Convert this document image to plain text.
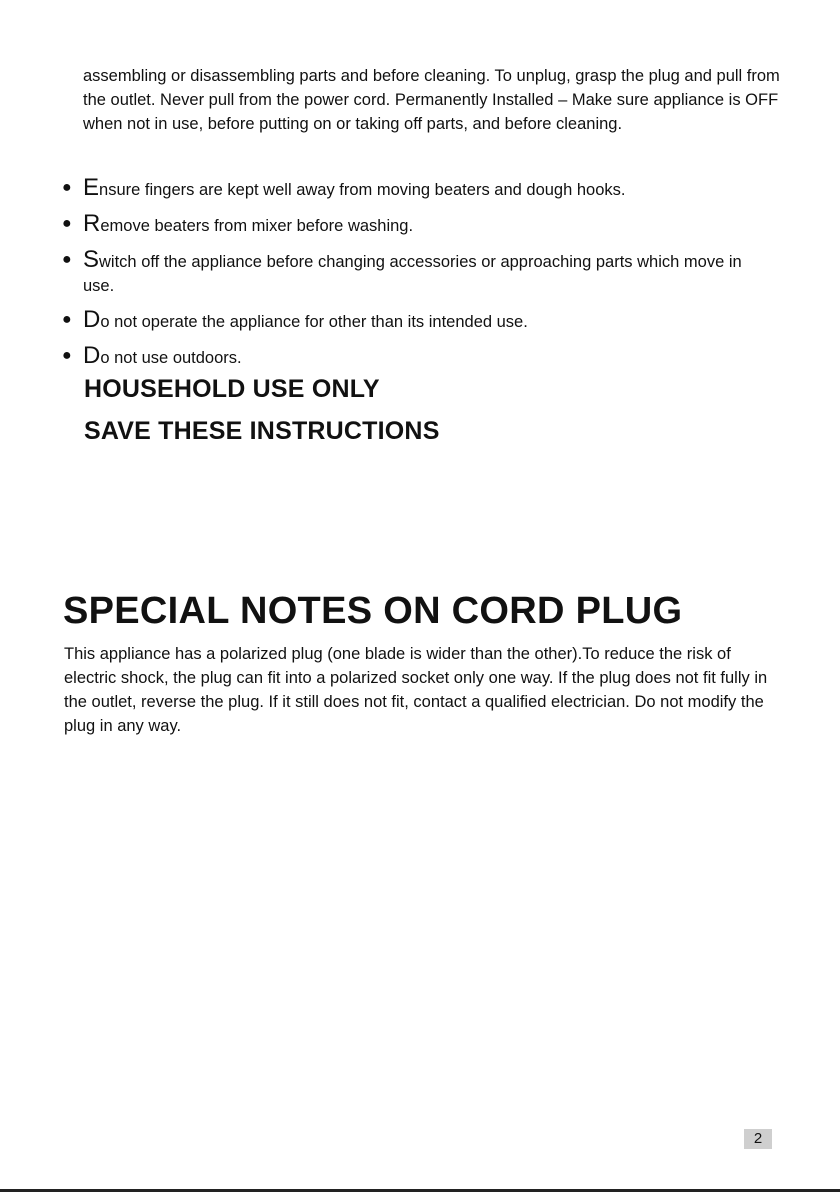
assembling or disassembling parts and before cleaning. To unplug, grasp the plug and pull from the outlet. Never pull from the power cord. Permanently Installed – Make sure appliance is OFF when not in use, before putting on or taking off parts, and before cleaning.

● Ensure fingers are kept well away from moving beaters and dough hooks.
● Remove beaters from mixer before washing.
● Switch off the appliance before changing accessories or approaching parts which move in use.
● Do not operate the appliance for other than its intended use.
● Do not use outdoors.
HOUSEHOLD USE ONLY
SAVE THESE INSTRUCTIONS
SPECIAL NOTES ON CORD PLUG

This appliance has a polarized plug (one blade is wider than the other).To reduce the risk of electric shock, the plug can fit into a polarized socket only one way. If the plug does not fit fully in the outlet, reverse the plug. If it still does not fit, contact a qualified electrician. Do not modify the plug in any way.

2
